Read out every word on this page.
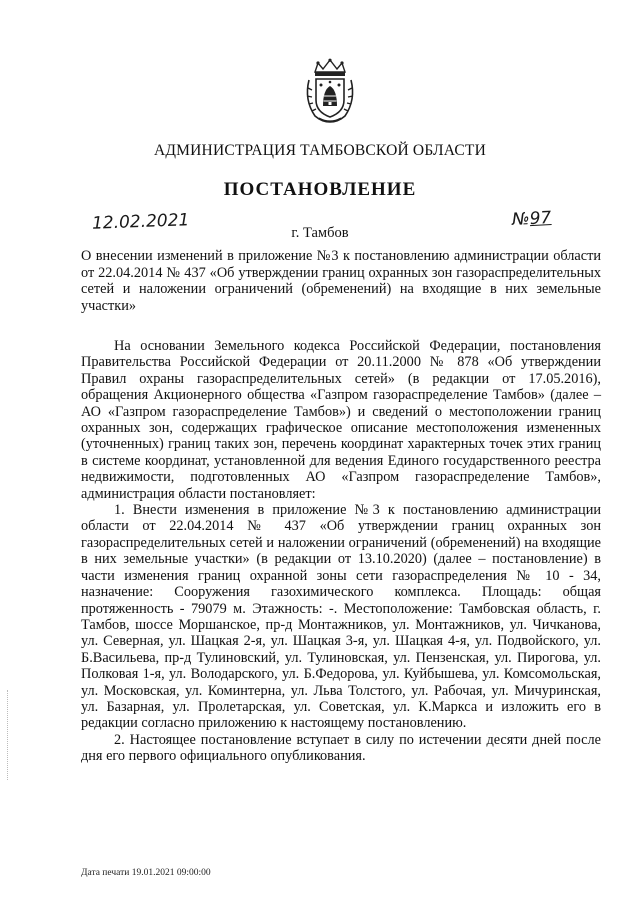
АДМИНИСТРАЦИЯ ТАМБОВСКОЙ ОБЛАСТИ
ПОСТАНОВЛЕНИЕ
12.02.2021	г. Тамбов
№97
О внесении изменений в приложение №3 к постановлению администрации области от 22.04.2014 № 437 «Об утверждении границ охранных зон газораспределительных сетей и наложении ограничений (обременений) на входящие в них земельные участки»

На основании Земельного кодекса Российской Федерации, постановления Правительства Российской Федерации от 20.11.2000 № 878 «Об утверждении Правил охраны газораспределительных сетей» (в редакции от 17.05.2016), обращения Акционерного общества «Газпром газораспределение Тамбов» (далее – АО «Газпром газораспределение Тамбов») и сведений о местоположении границ охранных зон, содержащих графическое описание местоположения измененных (уточненных) границ таких зон, перечень координат характерных точек этих границ в системе координат, установленной для ведения Единого государственного реестра недвижимости, подготовленных АО «Газпром газораспределение Тамбов», администрация области постановляет:

1. Внести изменения в приложение №3 к постановлению администрации области от 22.04.2014 № 437 «Об утверждении границ охранных зон газораспределительных сетей и наложении ограничений (обременений) на входящие в них земельные участки» (в редакции от 13.10.2020) (далее – постановление) в части изменения границ охранной зоны сети газораспределения № 10 - 34, назначение: Сооружения газохимического комплекса. Площадь: общая протяженность - 79079 м. Этажность: -. Местоположение: Тамбовская область, г. Тамбов, шоссе Моршанское, пр-д Монтажников, ул. Монтажников, ул. Чичканова, ул. Северная, ул. Шацкая 2-я, ул. Шацкая 3-я, ул. Шацкая 4-я, ул. Подвойского, ул. Б.Васильева, пр-д Тулиновский, ул. Тулиновская, ул. Пензенская, ул. Пирогова, ул. Полковая 1-я, ул. Володарского, ул. Б.Федорова, ул. Куйбышева, ул. Комсомольская, ул. Московская, ул. Коминтерна, ул. Льва Толстого, ул. Рабочая, ул. Мичуринская, ул. Базарная, ул. Пролетарская, ул. Советская, ул. К.Маркса и изложить его в редакции согласно приложению к настоящему постановлению.

2. Настоящее постановление вступает в силу по истечении десяти дней после дня его первого официального опубликования.

Дата печати 19.01.2021 09:00:00
